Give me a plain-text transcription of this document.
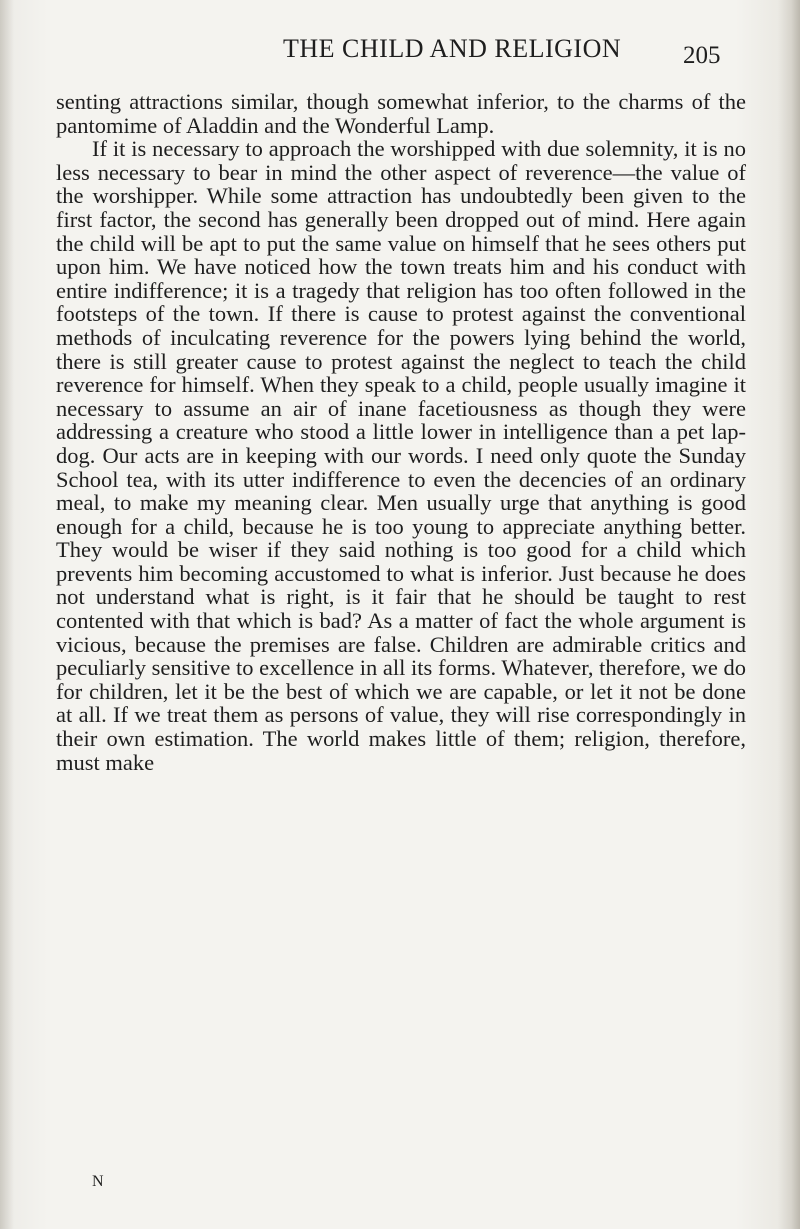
THE CHILD AND RELIGION 205

senting attractions similar, though somewhat inferior, to the charms of the pantomime of Aladdin and the Wonderful Lamp.

If it is necessary to approach the worshipped with due solemnity, it is no less necessary to bear in mind the other aspect of reverence—the value of the worshipper. While some attraction has undoubtedly been given to the first factor, the second has generally been dropped out of mind. Here again the child will be apt to put the same value on himself that he sees others put upon him. We have noticed how the town treats him and his conduct with entire indifference; it is a tragedy that religion has too often followed in the footsteps of the town. If there is cause to protest against the conventional methods of inculcating reverence for the powers lying behind the world, there is still greater cause to protest against the neglect to teach the child reverence for himself. When they speak to a child, people usually imagine it necessary to assume an air of inane facetiousness as though they were addressing a creature who stood a little lower in intelligence than a pet lap-dog. Our acts are in keeping with our words. I need only quote the Sunday School tea, with its utter indifference to even the decencies of an ordinary meal, to make my meaning clear. Men usually urge that anything is good enough for a child, because he is too young to appreciate anything better. They would be wiser if they said nothing is too good for a child which prevents him becoming accustomed to what is inferior. Just because he does not understand what is right, is it fair that he should be taught to rest contented with that which is bad? As a matter of fact the whole argument is vicious, because the premises are false. Children are admirable critics and peculiarly sensitive to excellence in all its forms. Whatever, therefore, we do for children, let it be the best of which we are capable, or let it not be done at all. If we treat them as persons of value, they will rise correspondingly in their own estimation. The world makes little of them; religion, therefore, must make

N
